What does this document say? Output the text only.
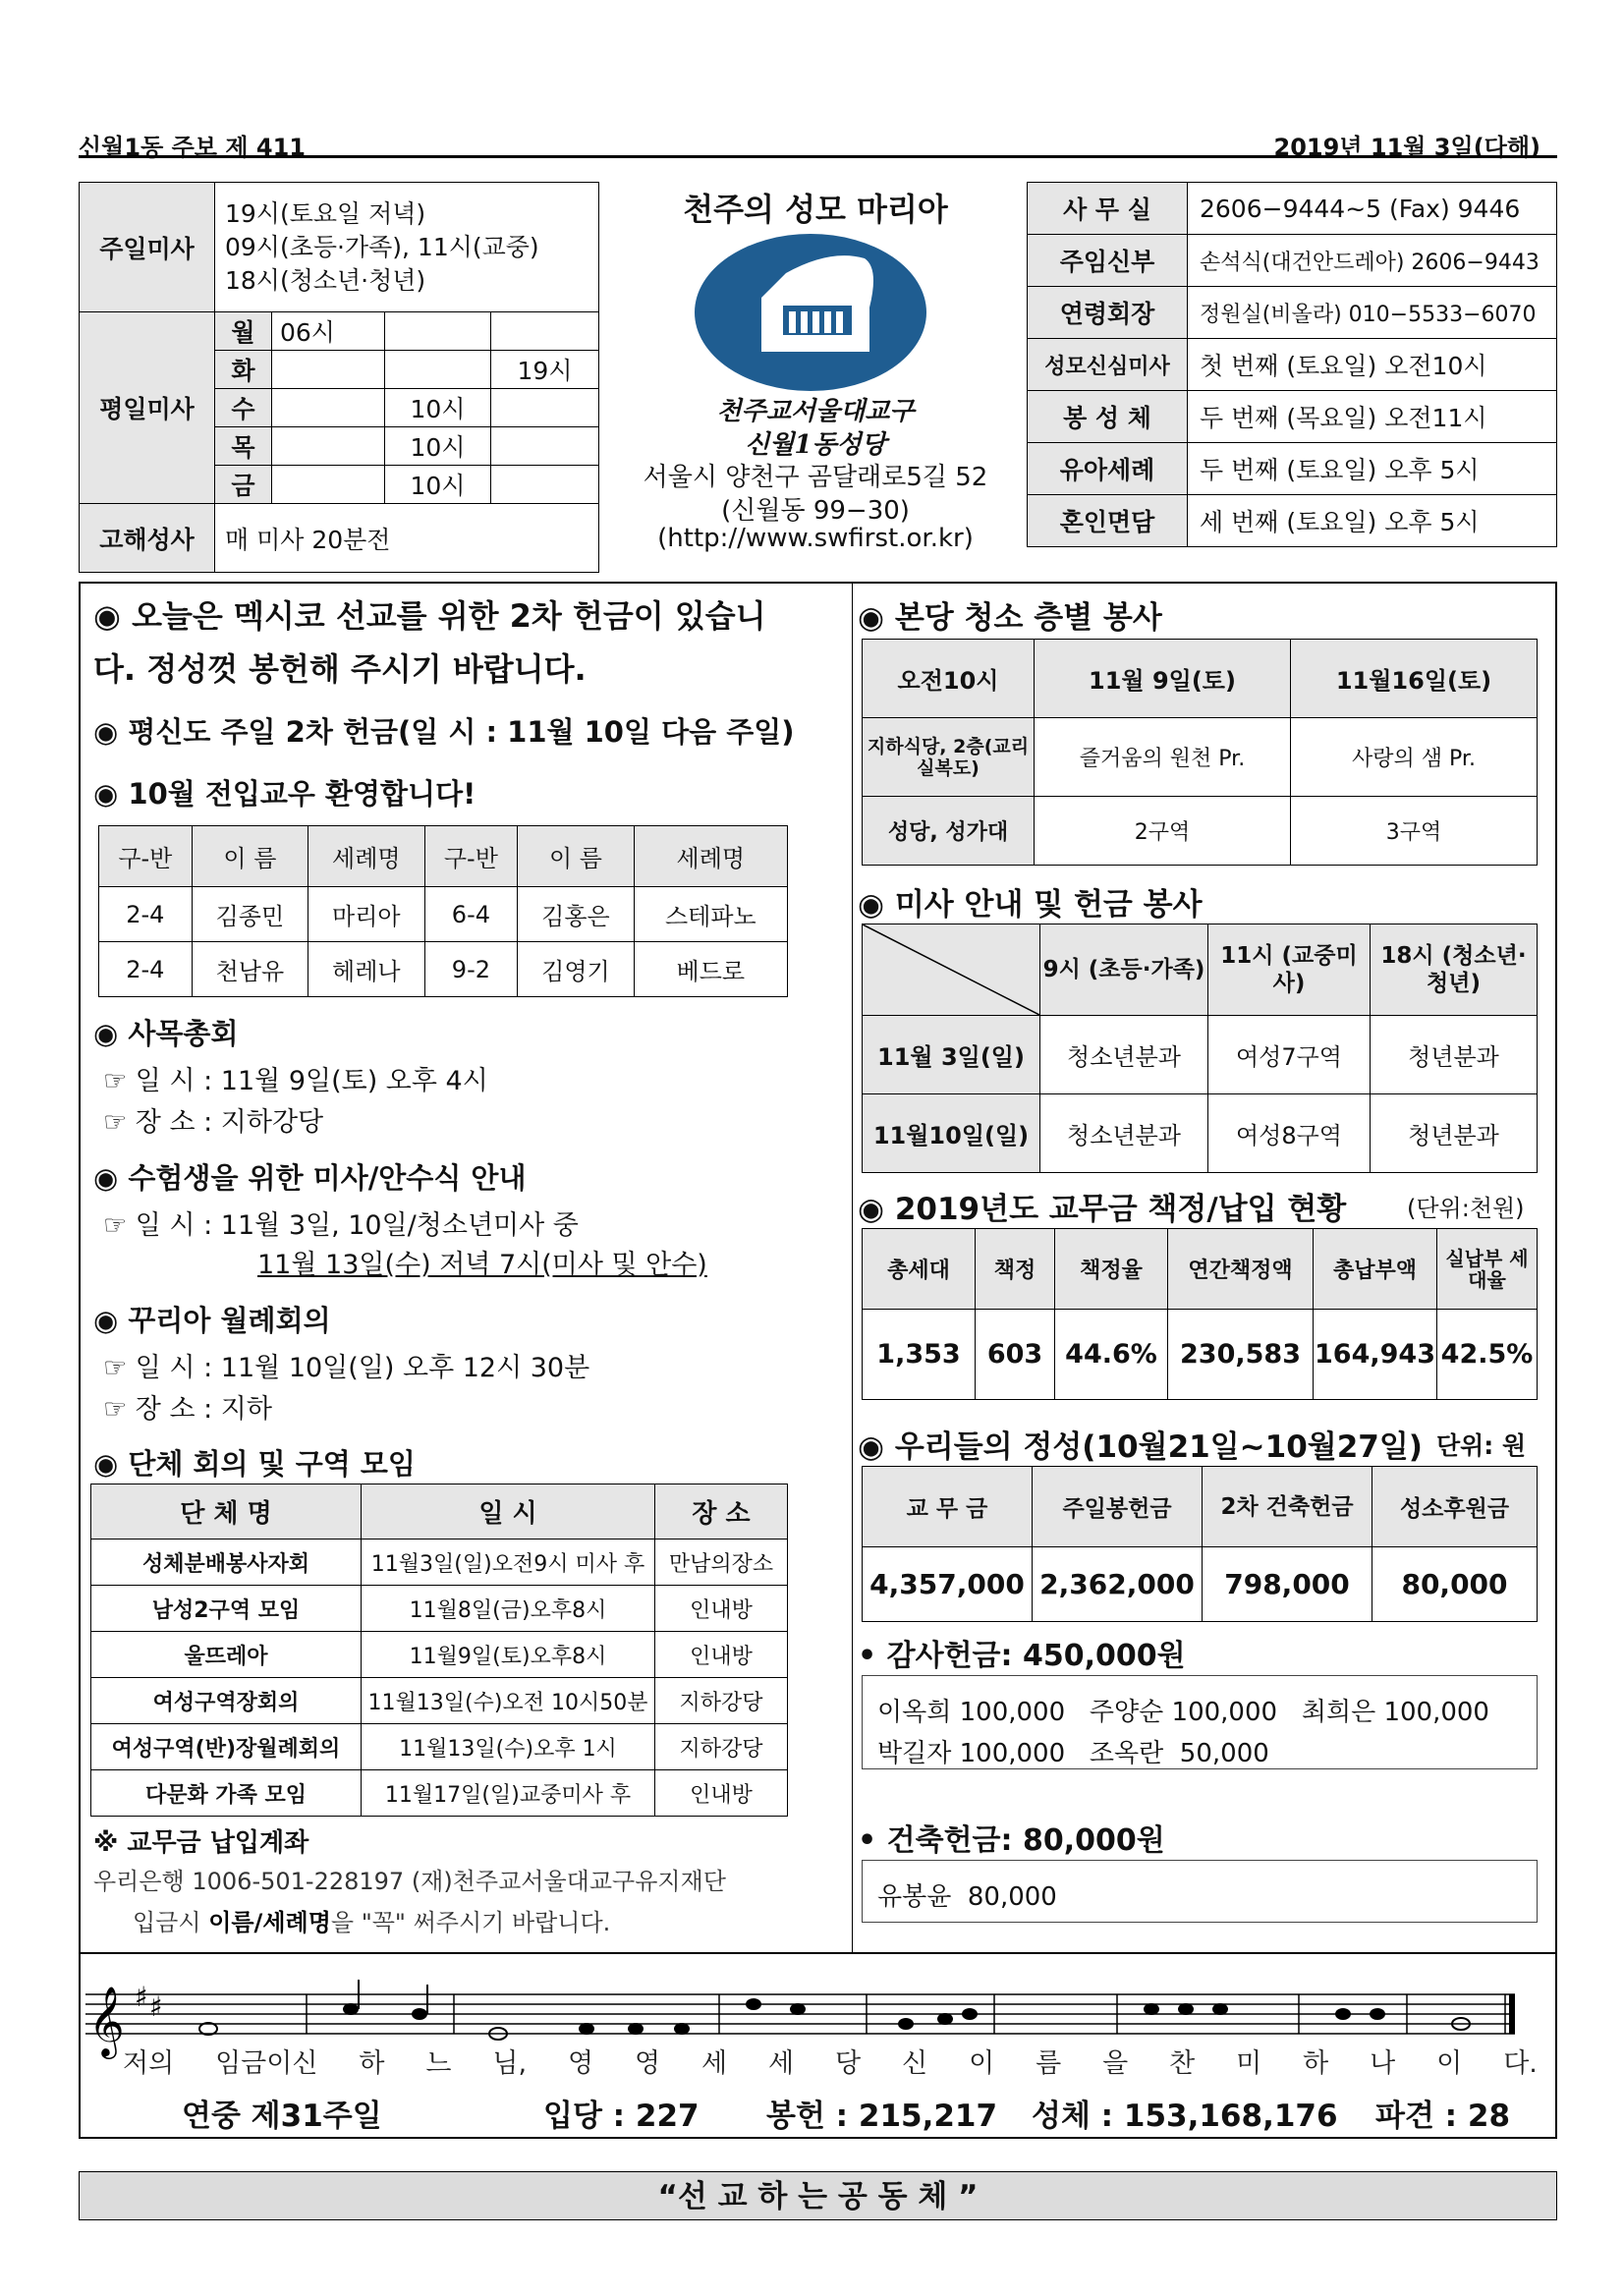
신월1동 주보 제 411	2019년 11월 3일(다해)
주일미사	19시(토요일 저녁)
09시(초등·가족), 11시(교중)
18시(청소년·청년)			

평일미사	월	06시		
	화			19시
	수		10시	
	목		10시	
	금		10시	
고해성사	매 미사 20분전			
천주의 성모 마리아
천주교서울대교구
신월1동성당
서울시 양천구 곰달래로5길 52
(신월동 99−30)
(http://www.swfirst.or.kr)
사 무 실	2606−9444~5 (Fax) 9446
주임신부	손석식(대건안드레아) 2606−9443
연령회장	정원실(비올라) 010−5533−6070
성모신심미사	첫 번째 (토요일) 오전10시
봉 성 체	두 번째 (목요일) 오전11시
유아세례	두 번째 (토요일) 오후 5시
혼인면담	세 번째 (토요일) 오후 5시
◉ 오늘은 멕시코 선교를 위한 2차 헌금이 있습니다. 정성껏 봉헌해 주시기 바랍니다.
◉ 평신도 주일 2차 헌금(일 시 : 11월 10일 다음 주일)
◉ 10월 전입교우 환영합니다!
구-반	이 름	세례명	구-반	이 름	세례명
2-4	김종민	마리아	6-4	김홍은	스테파노
2-4	천남유	헤레나	9-2	김영기	베드로
◉ 사목총회
☞ 일 시 : 11월 9일(토) 오후 4시
☞ 장 소 : 지하강당
◉ 수험생을 위한 미사/안수식 안내
☞ 일 시 : 11월 3일, 10일/청소년미사 중
11월 13일(수) 저녁 7시(미사 및 안수)
◉ 꾸리아 월례회의
☞ 일 시 : 11월 10일(일) 오후 12시 30분
☞ 장 소 : 지하
◉ 단체 회의 및 구역 모임
단 체 명	일 시	장 소
성체분배봉사자회	11월3일(일)오전9시 미사 후	만남의장소
남성2구역 모임	11월8일(금)오후8시	인내방
울뜨레아	11월9일(토)오후8시	인내방
여성구역장회의	11월13일(수)오전 10시50분	지하강당
여성구역(반)장월례회의	11월13일(수)오후 1시	지하강당
다문화 가족 모임	11월17일(일)교중미사 후	인내방
※ 교무금 납입계좌
우리은행 1006-501-228197 (재)천주교서울대교구유지재단
입금시 이름/세례명을 "꼭" 써주시기 바랍니다.
◉ 본당 청소 층별 봉사
오전10시	11월 9일(토)	11월16일(토)
지하식당, 2층(교리실복도)	즐거움의 원천 Pr.	사랑의 샘 Pr.
성당, 성가대	2구역	3구역
◉ 미사 안내 및 헌금 봉사
	9시 (초등·가족)	11시 (교중미사)	18시 (청소년·청년)
11월 3일(일)	청소년분과	여성7구역	청년분과
11월10일(일)	청소년분과	여성8구역	청년분과
◉ 2019년도 교무금 책정/납입 현황	(단위:천원)
총세대	책정	책정율	연간책정액	총납부액	실납부 세대율
1,353	603	44.6%	230,583	164,943	42.5%
◉ 우리들의 정성(10월21일~10월27일) 단위: 원
교 무 금	주일봉헌금	2차 건축헌금	성소후원금
4,357,000	2,362,000	798,000	80,000
• 감사헌금: 450,000원
이옥희 100,000   주양순 100,000   최희은 100,000
박길자 100,000   조옥란  50,000
• 건축헌금: 80,000원
유봉윤  80,000
𝄞 ♯ ♯
저의 임금이신 하 느 님, 영 영 세 세 당 신 이 름 을 찬 미 하 나 이 다.
연중 제31주일	입당 : 227 봉헌 : 215,217 성체 : 153,168,176 파견 : 28
“선 교 하 는 공 동 체 ”
